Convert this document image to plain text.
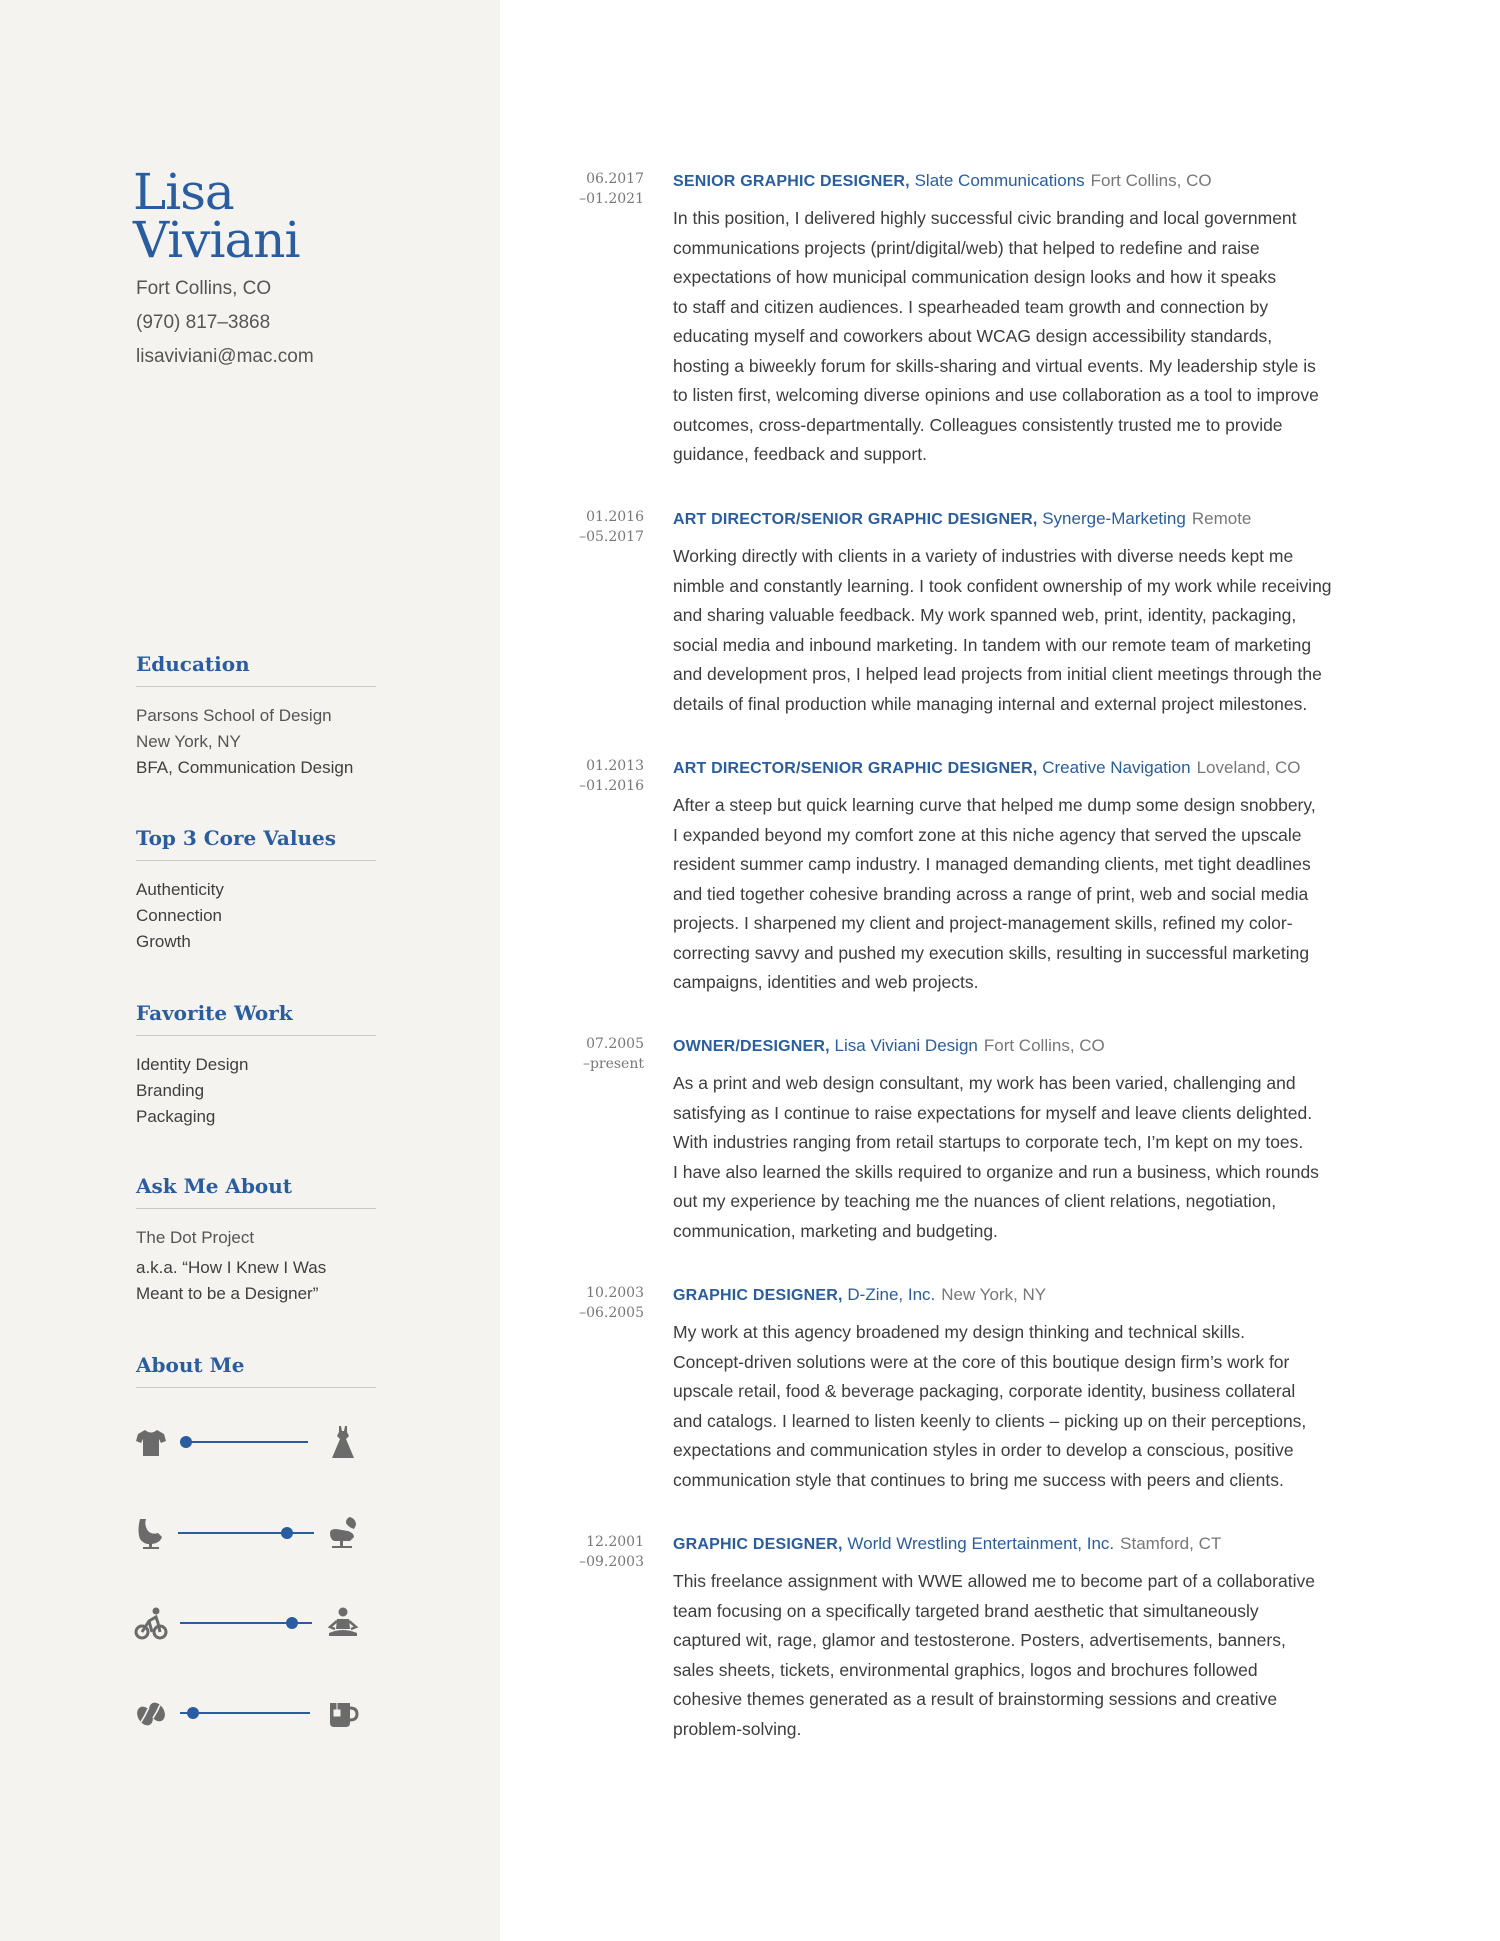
Lisa
Viviani
Fort Collins, CO
(970) 817–3868
lisaviviani@mac.com
Education
Parsons School of Design
New York, NY
BFA, Communication Design
Top 3 Core Values
Authenticity
Connection
Growth
Favorite Work
Identity Design
Branding
Packaging
Ask Me About
The Dot Project
a.k.a. “How I Knew I Was
Meant to be a Designer”
About Me
06.2017
–01.2021
SENIOR GRAPHIC DESIGNER, Slate Communications Fort Collins, CO
In this position, I delivered highly successful civic branding and local government
communications projects (print/digital/web) that helped to redefine and raise
expectations of how municipal communication design looks and how it speaks
to staff and citizen audiences. I spearheaded team growth and connection by
educating myself and coworkers about WCAG design accessibility standards,
hosting a biweekly forum for skills-sharing and virtual events. My leadership style is
to listen first, welcoming diverse opinions and use collaboration as a tool to improve
outcomes, cross-departmentally. Colleagues consistently trusted me to provide
guidance, feedback and support.
01.2016
–05.2017
ART DIRECTOR/SENIOR GRAPHIC DESIGNER, Synerge-Marketing Remote
Working directly with clients in a variety of industries with diverse needs kept me
nimble and constantly learning. I took confident ownership of my work while receiving
and sharing valuable feedback. My work spanned web, print, identity, packaging,
social media and inbound marketing. In tandem with our remote team of marketing
and development pros, I helped lead projects from initial client meetings through the
details of final production while managing internal and external project milestones.
01.2013
–01.2016
ART DIRECTOR/SENIOR GRAPHIC DESIGNER, Creative Navigation Loveland, CO
After a steep but quick learning curve that helped me dump some design snobbery,
I expanded beyond my comfort zone at this niche agency that served the upscale
resident summer camp industry. I managed demanding clients, met tight deadlines
and tied together cohesive branding across a range of print, web and social media
projects. I sharpened my client and project-management skills, refined my color-
correcting savvy and pushed my execution skills, resulting in successful marketing
campaigns, identities and web projects.
07.2005
–present
OWNER/DESIGNER, Lisa Viviani Design Fort Collins, CO
As a print and web design consultant, my work has been varied, challenging and
satisfying as I continue to raise expectations for myself and leave clients delighted.
With industries ranging from retail startups to corporate tech, I’m kept on my toes.
I have also learned the skills required to organize and run a business, which rounds
out my experience by teaching me the nuances of client relations, negotiation,
communication, marketing and budgeting.
10.2003
–06.2005
GRAPHIC DESIGNER, D-Zine, Inc. New York, NY
My work at this agency broadened my design thinking and technical skills.
Concept-driven solutions were at the core of this boutique design firm’s work for
upscale retail, food & beverage packaging, corporate identity, business collateral
and catalogs. I learned to listen keenly to clients – picking up on their perceptions,
expectations and communication styles in order to develop a conscious, positive
communication style that continues to bring me success with peers and clients.
12.2001
–09.2003
GRAPHIC DESIGNER, World Wrestling Entertainment, Inc. Stamford, CT
This freelance assignment with WWE allowed me to become part of a collaborative
team focusing on a specifically targeted brand aesthetic that simultaneously
captured wit, rage, glamor and testosterone. Posters, advertisements, banners,
sales sheets, tickets, environmental graphics, logos and brochures followed
cohesive themes generated as a result of brainstorming sessions and creative
problem-solving.
